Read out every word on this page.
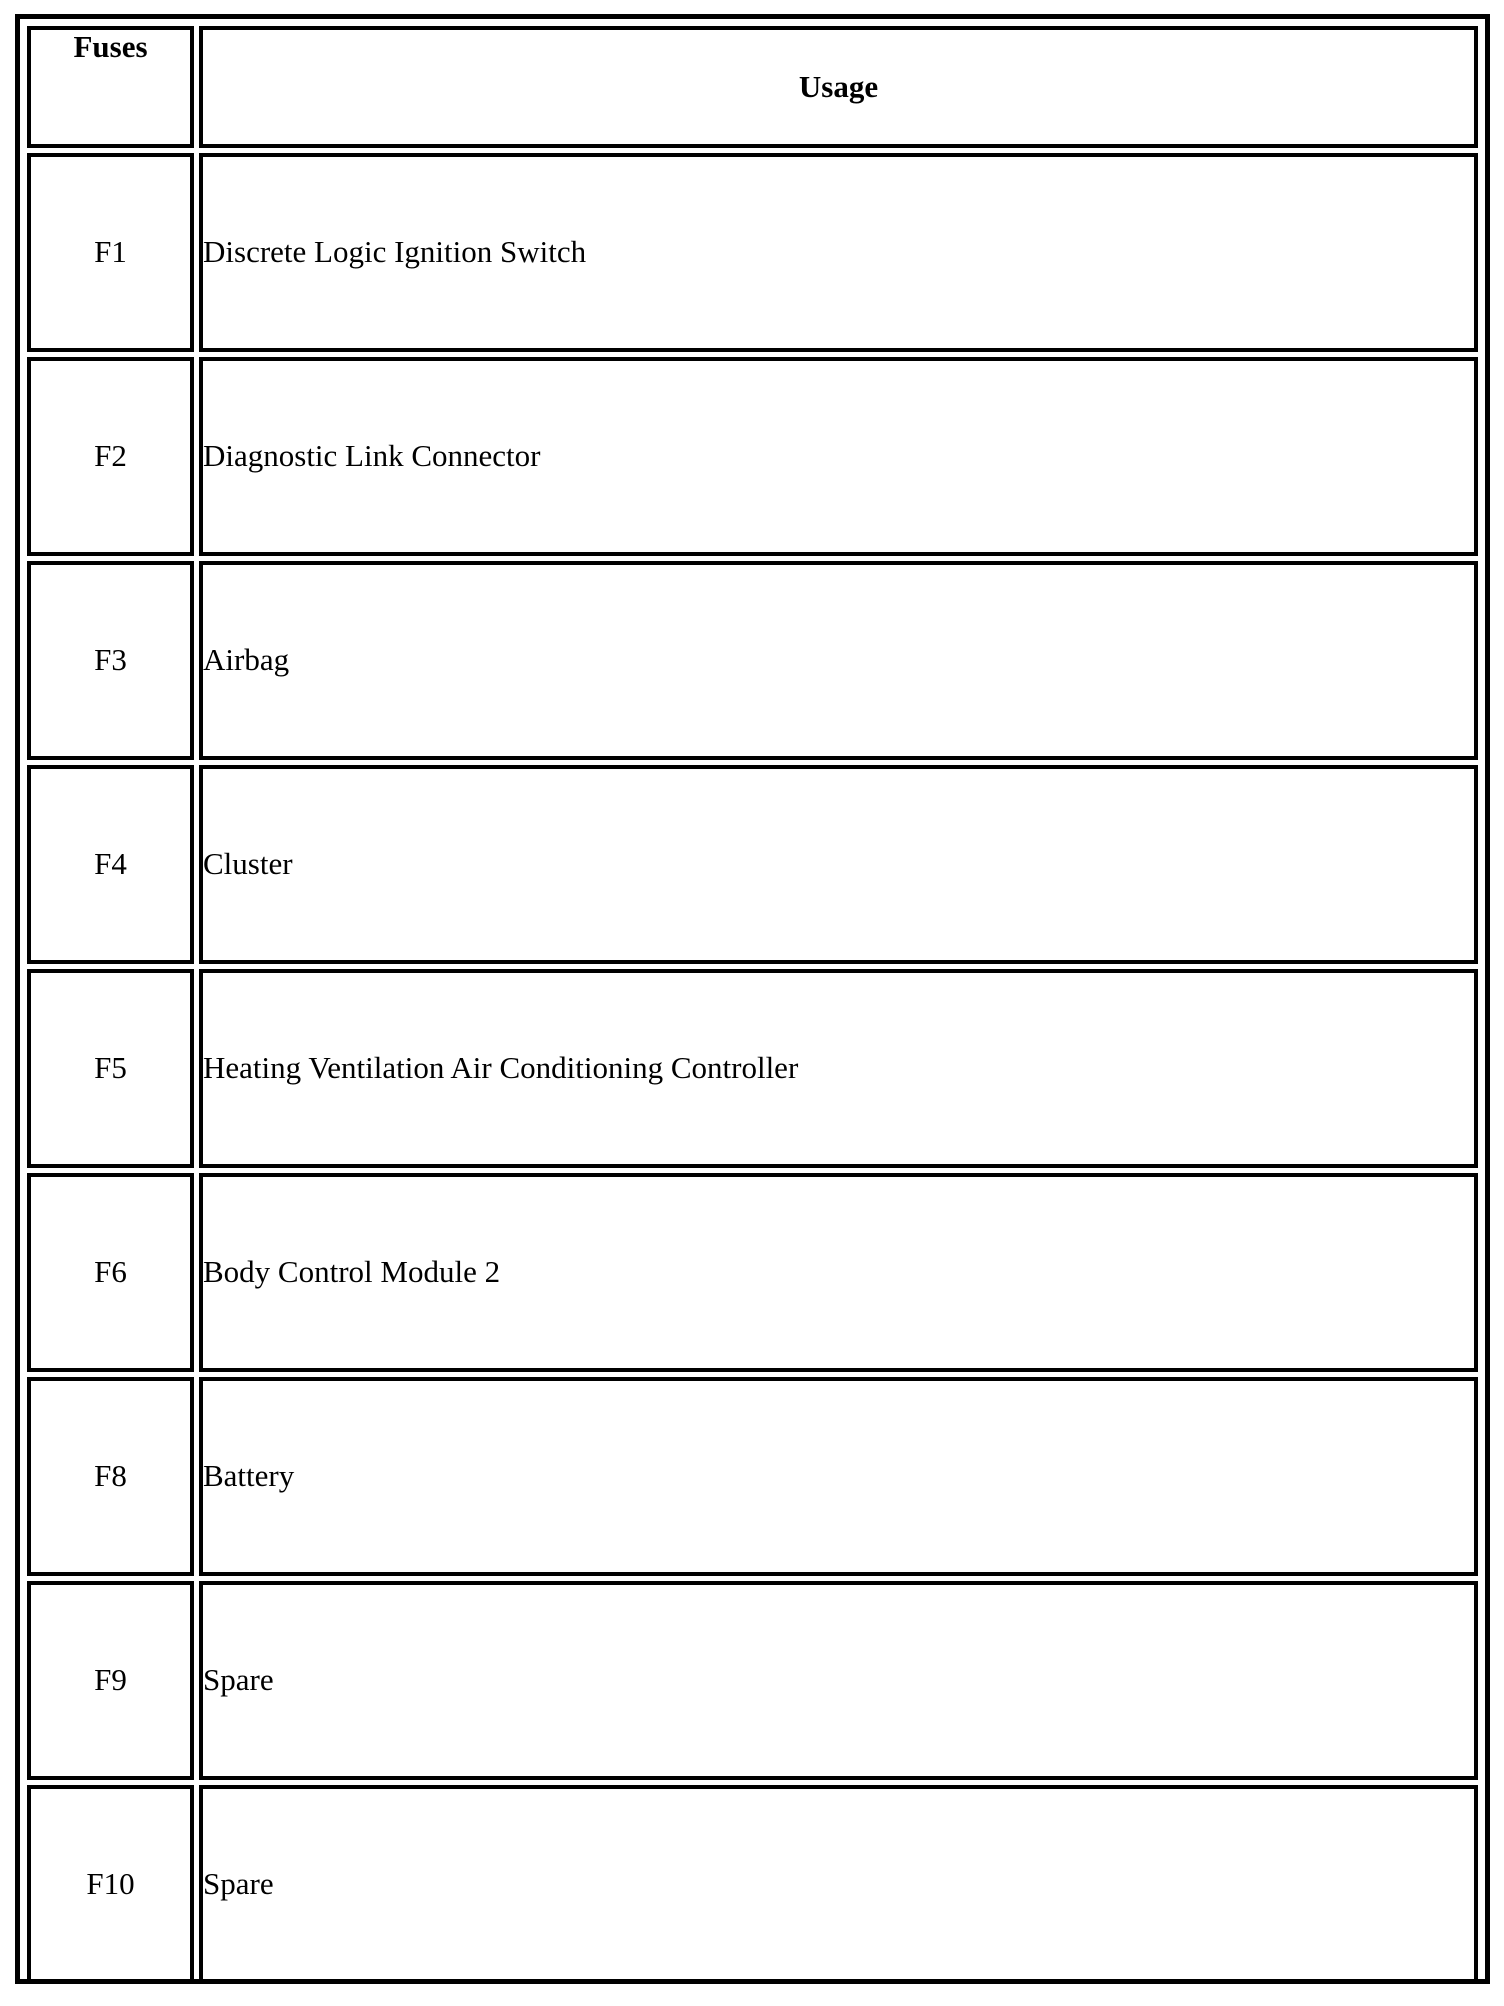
Fuses	Usage
F1	Discrete Logic Ignition Switch
F2	Diagnostic Link Connector
F3	Airbag
F4	Cluster
F5	Heating Ventilation Air Conditioning Controller
F6	Body Control Module 2
F8	Battery
F9	Spare
F10	Spare
